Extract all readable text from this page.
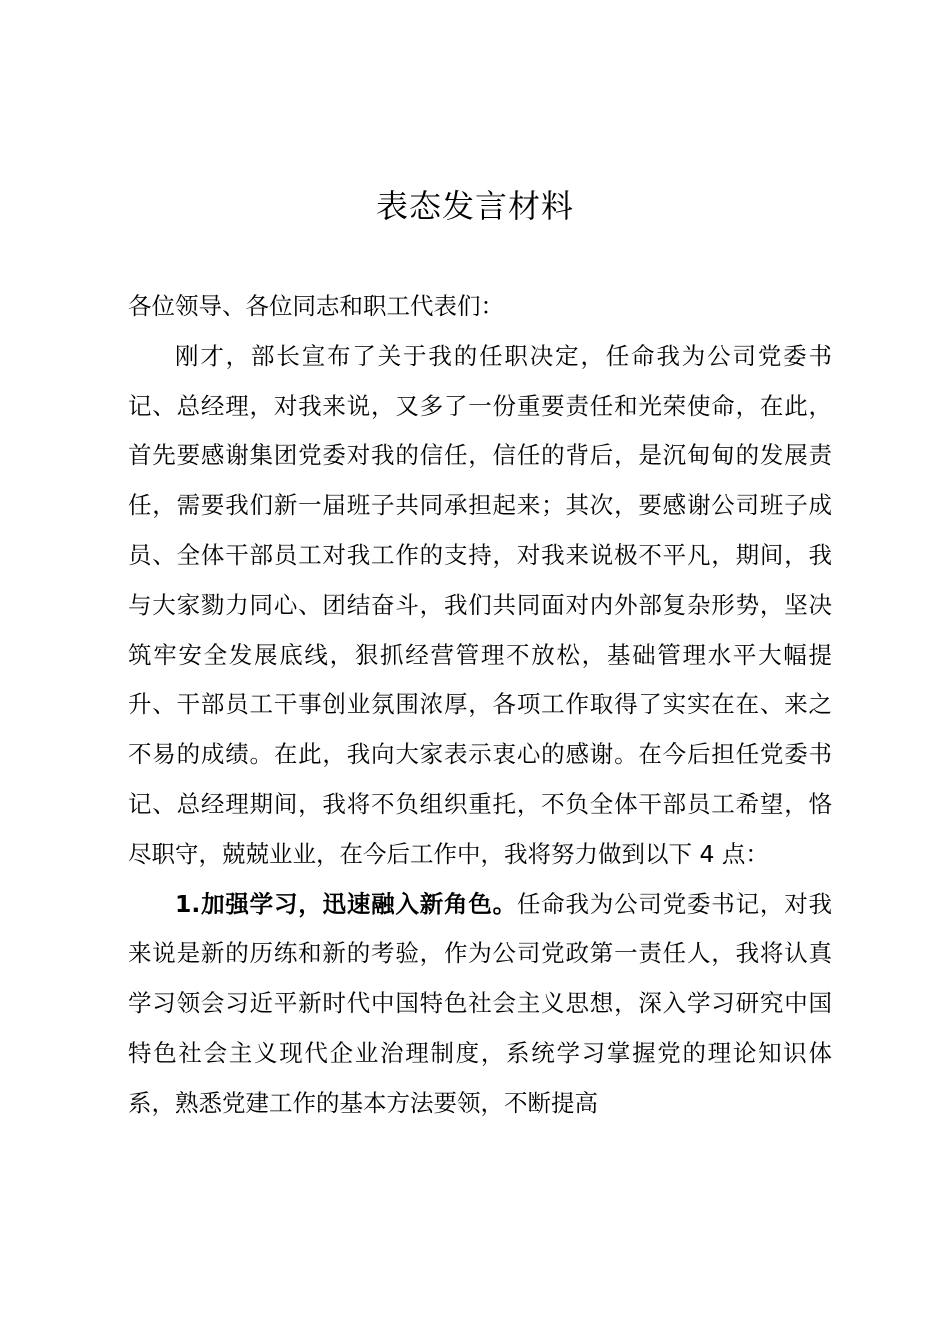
表态发言材料

各位领导、各位同志和职工代表们：

刚才，部长宣布了关于我的任职决定，任命我为公司党委书记、总经理，对我来说，又多了一份重要责任和光荣使命，在此，首先要感谢集团党委对我的信任，信任的背后，是沉甸甸的发展责任，需要我们新一届班子共同承担起来；其次，要感谢公司班子成员、全体干部员工对我工作的支持，对我来说极不平凡，期间，我与大家勠力同心、团结奋斗，我们共同面对内外部复杂形势，坚决筑牢安全发展底线，狠抓经营管理不放松，基础管理水平大幅提升、干部员工干事创业氛围浓厚，各项工作取得了实实在在、来之不易的成绩。在此，我向大家表示衷心的感谢。在今后担任党委书记、总经理期间，我将不负组织重托，不负全体干部员工希望，恪尽职守，兢兢业业，在今后工作中，我将努力做到以下 4 点：

1.加强学习，迅速融入新角色。任命我为公司党委书记，对我来说是新的历练和新的考验，作为公司党政第一责任人，我将认真学习领会习近平新时代中国特色社会主义思想，深入学习研究中国特色社会主义现代企业治理制度，系统学习掌握党的理论知识体系，熟悉党建工作的基本方法要领，不断提高
